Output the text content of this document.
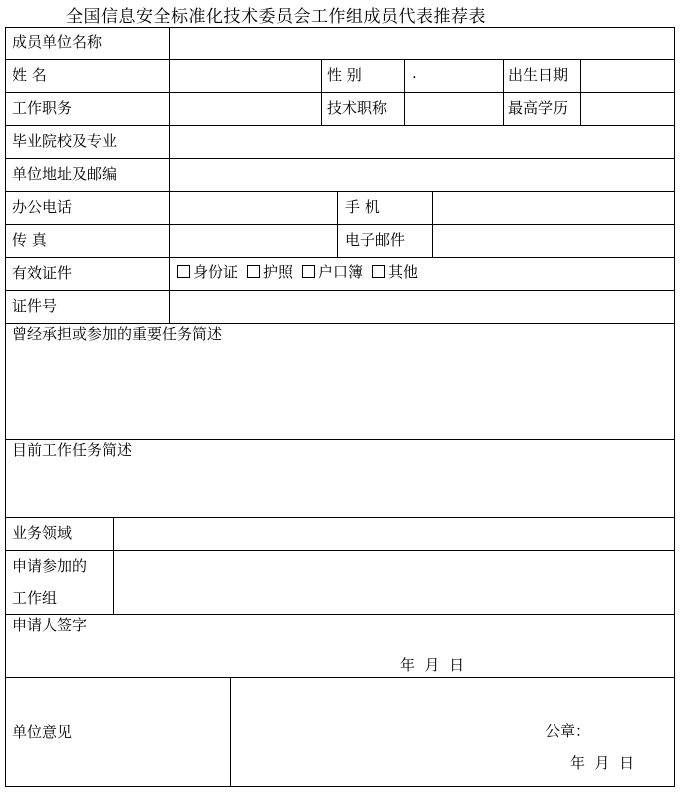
全国信息安全标准化技术委员会工作组成员代表推荐表
成员单位名称
姓 名	性 别	.	出生日期
工作职务	技术职称	最高学历
毕业院校及专业
单位地址及邮编
办公电话	手 机
传 真	电子邮件
有效证件	身份证 护照 户口簿 其他
证件号
曾经承担或参加的重要任务简述
目前工作任务简述
业务领域
申请参加的
工作组
申请人签字
年  月  日
单位意见	公章：
年  月  日
